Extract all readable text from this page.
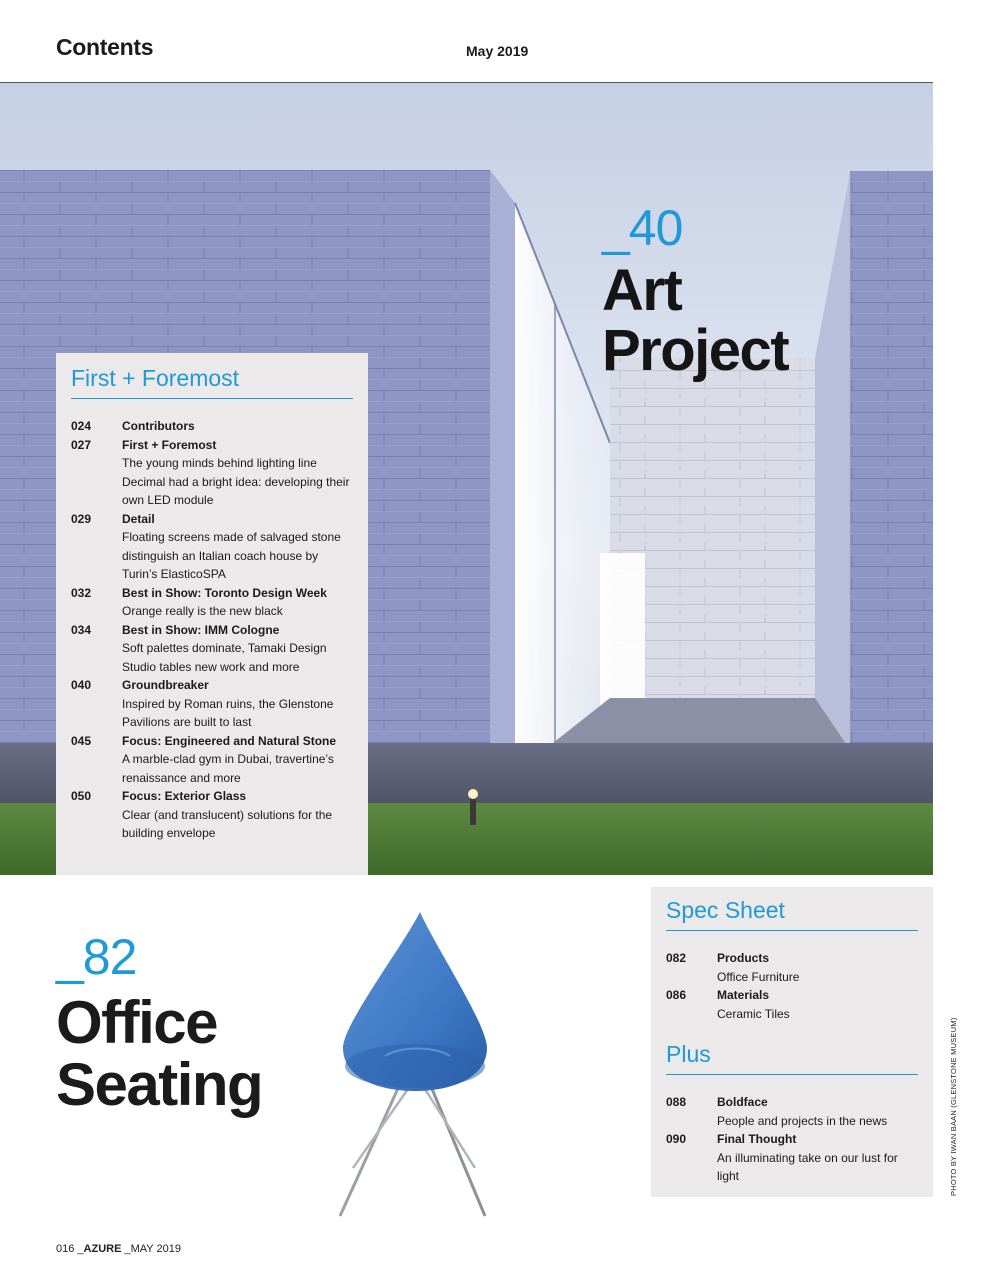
Contents	May 2019
_40
Art
Project
First + Foremost
024	Contributors
027	First + Foremost
The young minds behind lighting line Decimal had a bright idea: developing their own LED module
029	Detail
Floating screens made of salvaged stone distinguish an Italian coach house by Turin’s ElasticoSPA
032	Best in Show: Toronto Design Week
Orange really is the new black
034	Best in Show: IMM Cologne
Soft palettes dominate, Tamaki Design Studio tables new work and more
040	Groundbreaker
Inspired by Roman ruins, the Glenstone Pavilions are built to last
045	Focus: Engineered and Natural Stone
A marble-clad gym in Dubai, travertine’s renaissance and more
050	Focus: Exterior Glass
Clear (and translucent) solutions for the building envelope
_82
Office
Seating
Spec Sheet
082	Products
Office Furniture
086	Materials
Ceramic Tiles
Plus
088	Boldface
People and projects in the news
090	Final Thought
An illuminating take on our lust for light	PHOTO BY IWAN BAAN (GLENSTONE MUSEUM)
016 _AZURE _MAY 2019
